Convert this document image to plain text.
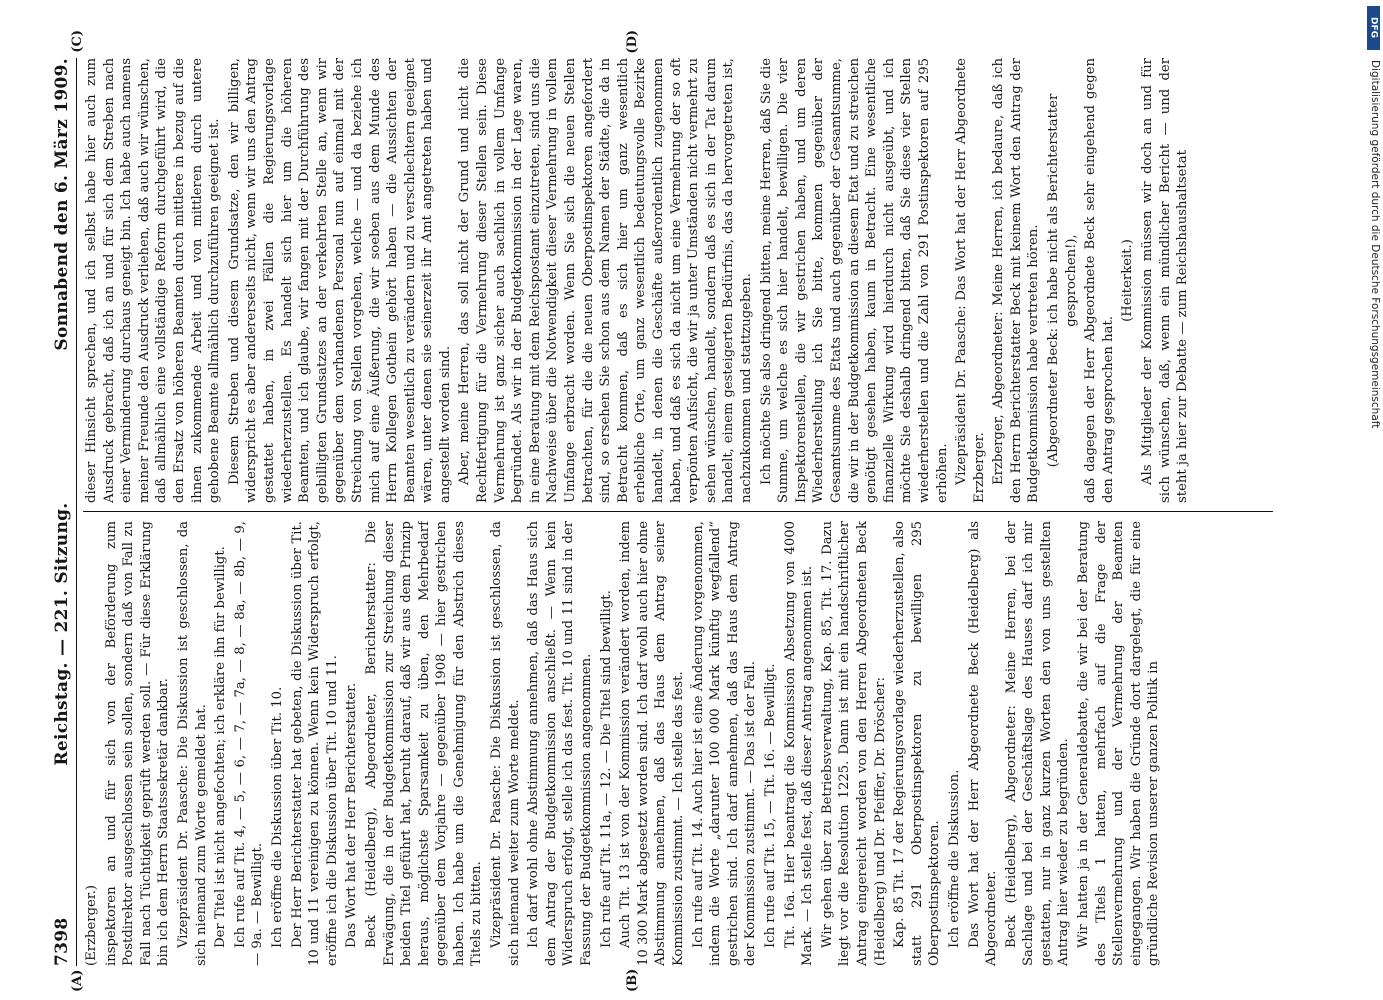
7398
Reichstag. — 221. Sitzung.
Sonnabend den 6. März 1909.

(Erzberger.) inspektoren an und für sich von der Beförderung zum Postdirektor ausgeschlossen sein sollen, sondern daß von Fall zu Fall nach Tüchtigkeit geprüft werden soll. — Für diese Erklärung bin ich dem Herrn Staatssekretär dankbar. Vizepräsident Dr. Paasche: Die Diskussion ist geschlossen, da sich niemand zum Worte gemeldet hat. Der Titel ist nicht angefochten; ich erkläre ihn für bewilligt. Ich rufe auf Tit. 4, — 5, — 6, — 7, — 7a, — 8, — 8a, — 8b, — 9, — 9a. — Bewilligt. Ich eröffne die Diskussion über Tit. 10. Der Herr Berichterstatter hat gebeten, die Diskussion über Tit. 10 und 11 vereinigen zu können. Wenn kein Widerspruch erfolgt, eröffne ich die Diskussion über Tit. 10 und 11. Das Wort hat der Herr Berichterstatter. Beck (Heidelberg), Abgeordneter, Berichterstatter: Die Erwägung, die in der Budgetkommission zur Streichung dieser beiden Titel geführt hat, beruht darauf, daß wir aus dem Prinzip heraus, möglichste Sparsamkeit zu üben, den Mehrbedarf gegenüber dem Vorjahre — gegenüber 1908 — hier gestrichen haben. Ich habe um die Genehmigung für den Abstrich dieses Titels zu bitten. Vizepräsident Dr. Paasche: Die Diskussion ist geschlossen, da sich niemand weiter zum Worte meldet. Ich darf wohl ohne Abstimmung annehmen, daß das Haus sich dem Antrag der Budgetkommission anschließt. — Wenn kein Widerspruch erfolgt, stelle ich das fest. Tit. 10 und 11 sind in der Fassung der Budgetkommission angenommen. Ich rufe auf Tit. 11a, — 12. — Die Titel sind bewilligt. Auch Tit. 13 ist von der Kommission verändert worden, indem 10 300 Mark abgesetzt worden sind. Ich darf wohl auch hier ohne Abstimmung annehmen, daß das Haus dem Antrag seiner Kommission zustimmt. — Ich stelle das fest. Ich rufe auf Tit. 14. Auch hier ist eine Änderung vorgenommen, indem die Worte „darunter 100 000 Mark künftig wegfallend“ gestrichen sind. Ich darf annehmen, daß das Haus dem Antrag der Kommission zustimmt. — Das ist der Fall. Ich rufe auf Tit. 15, — Tit. 16. — Bewilligt. Tit. 16a. Hier beantragt die Kommission Absetzung von 4000 Mark. — Ich stelle fest, daß dieser Antrag angenommen ist. Wir gehen über zu Betriebsverwaltung, Kap. 85, Tit. 17. Dazu liegt vor die Resolution 1225. Dann ist mit ein handschriftlicher Antrag eingereicht worden von den Herren Abgeordneten Beck (Heidelberg) und Dr. Pfeiffer, Dr. Dröscher: Kap. 85 Tit. 17 der Regierungsvorlage wiederherzustellen, also statt 291 Oberpostinspektoren zu bewilligen 295 Oberpostinspektoren. Ich eröffne die Diskussion. Das Wort hat der Herr Abgeordnete Beck (Heidelberg) als Abgeordneter. Beck (Heidelberg), Abgeordneter: Meine Herren, bei der Sachlage und bei der Geschäftslage des Hauses darf ich mir gestatten, nur in ganz kurzen Worten den von uns gestellten Antrag hier wieder zu begründen. Wir hatten ja in der Generaldebatte, die wir bei der Beratung des Titels 1 hatten, mehrfach auf die Frage der Stellenvermehrung und der Vermehrung der Beamten eingegangen. Wir haben die Gründe dort dargelegt, die für eine gründliche Revision unserer ganzen Politik in

dieser Hinsicht sprechen, und ich selbst habe hier auch zum Ausdruck gebracht, daß ich an und für sich dem Streben nach einer Verminderung durchaus geneigt bin. Ich habe auch namens meiner Freunde den Ausdruck verliehen, daß auch wir wünschen, daß allmählich eine vollständige Reform durchgeführt wird, die den Ersatz von höheren Beamten durch mittlere in bezug auf die ihnen zukommende Arbeit und von mittleren durch untere gehobene Beamte allmählich durchzuführen geeignet ist. Diesem Streben und diesem Grundsatze, den wir billigen, widerspricht es aber andererseits nicht, wenn wir uns den Antrag gestattet haben, in zwei Fällen die Regierungsvorlage wiederherzustellen. Es handelt sich hier um die höheren Beamten, und ich glaube, wir fangen mit der Durchführung des gebilligten Grundsatzes an der verkehrten Stelle an, wenn wir gegenüber dem vorhandenen Personal nun auf einmal mit der Streichung von Stellen vorgehen, welche — und da beziehe ich mich auf eine Äußerung, die wir soeben aus dem Munde des Herrn Kollegen Gothein gehört haben — die Aussichten der Beamten wesentlich zu verändern und zu verschlechtern geeignet wären, unter denen sie seinerzeit ihr Amt angetreten haben und angestellt worden sind. Aber, meine Herren, das soll nicht der Grund und nicht die Rechtfertigung für die Vermehrung dieser Stellen sein. Diese Vermehrung ist ganz sicher auch sachlich in vollem Umfange begründet. Als wir in der Budgetkommission in der Lage waren, in eine Beratung mit dem Reichspostamt einzutreten, sind uns die Nachweise über die Notwendigkeit dieser Vermehrung in vollem Umfange erbracht worden. Wenn Sie sich die neuen Stellen betrachten, für die die neuen Oberpostinspektoren angefordert sind, so ersehen Sie schon aus dem Namen der Städte, die da in Betracht kommen, daß es sich hier um ganz wesentlich erhebliche Orte, um ganz wesentlich bedeutungsvolle Bezirke handelt, in denen die Geschäfte außerordentlich zugenommen haben, und daß es sich da nicht um eine Vermehrung der so oft verpönten Aufsicht, die wir ja unter Umständen nicht vermehrt zu sehen wünschen, handelt, sondern daß es sich in der Tat darum handelt, einem gesteigerten Bedürfnis, das da hervorgetreten ist, nachzukommen und stattzugeben. Ich möchte Sie also dringend bitten, meine Herren, daß Sie die Summe, um welche es sich hier handelt, bewilligen. Die vier Inspektorenstellen, die wir gestrichen haben, und um deren Wiederherstellung ich Sie bitte, kommen gegenüber der Gesamtsumme des Etats und auch gegenüber der Gesamtsumme, die wir in der Budgetkommission an diesem Etat und zu streichen genötigt gesehen haben, kaum in Betracht. Eine wesentliche finanzielle Wirkung wird hierdurch nicht ausgeübt, und ich möchte Sie deshalb dringend bitten, daß Sie diese vier Stellen wiederherstellen und die Zahl von 291 Postinspektoren auf 295 erhöhen. Vizepräsident Dr. Paasche: Das Wort hat der Herr Abgeordnete Erzberger. Erzberger, Abgeordneter: Meine Herren, ich bedaure, daß ich den Herrn Berichterstatter Beck mit keinem Wort den Antrag der Budgetkommission habe vertreten hören. (Abgeordneter Beck: ich habe nicht als Berichterstatter gesprochen!), daß dagegen der Herr Abgeordnete Beck sehr eingehend gegen den Antrag gesprochen hat.

(Heiterkeit.) Als Mitglieder der Kommission müssen wir doch an und für sich wünschen, daß, wenn ein mündlicher Bericht — und der steht ja hier zur Debatte — zum Reichshaushaltsetat

(A)	(B)
(C)	(D)
DFG
Digitalisierung gefördert durch die Deutsche Forschungsgemeinschaft
